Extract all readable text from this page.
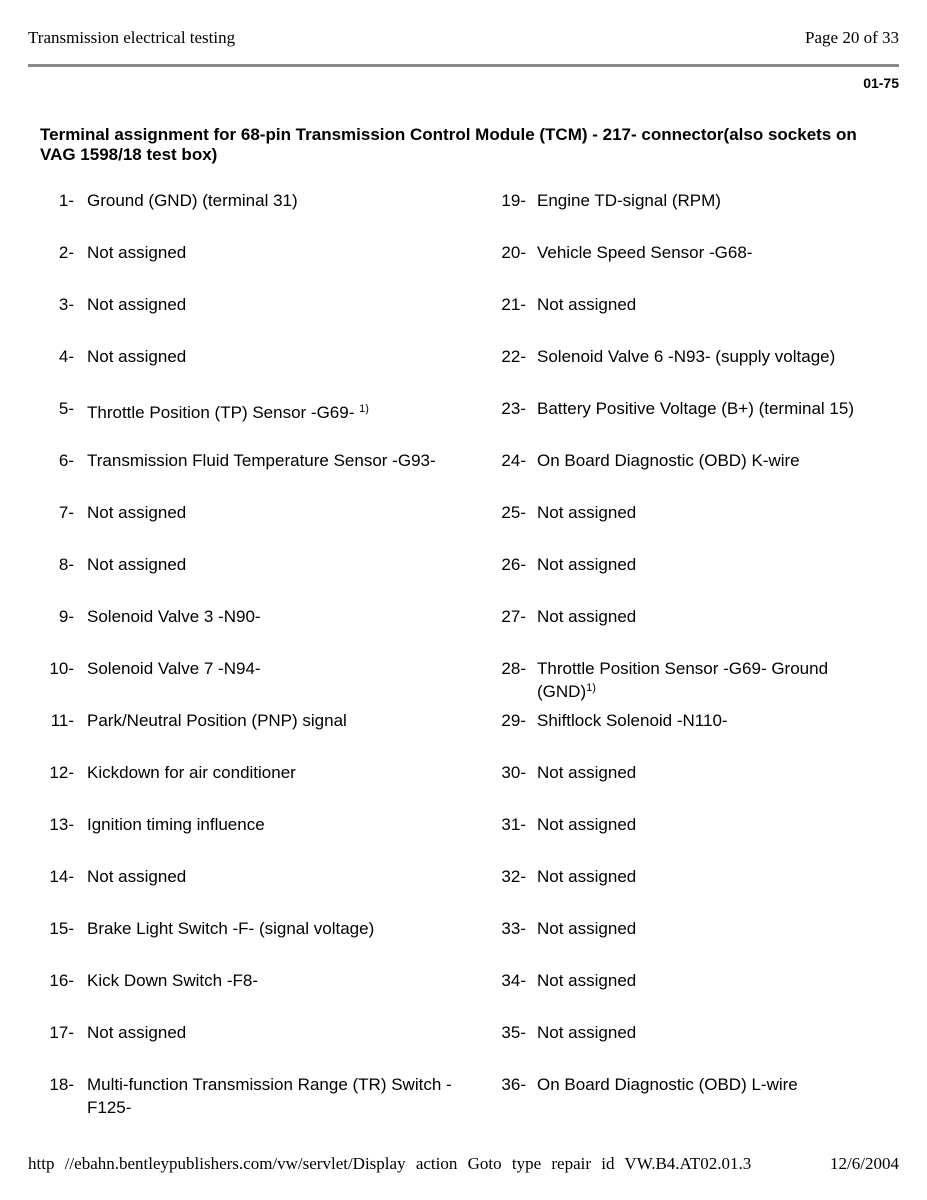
Transmission electrical testing	Page 20 of 33
01-75
Terminal assignment for 68-pin Transmission Control Module (TCM) - 217- connector(also sockets on VAG 1598/18 test box)
1- Ground (GND) (terminal 31)
2- Not assigned
3- Not assigned
4- Not assigned
5- Throttle Position (TP) Sensor -G69- $^{1)}$
6- Transmission Fluid Temperature Sensor -G93-
7- Not assigned
8- Not assigned
9- Solenoid Valve 3 -N90-
10- Solenoid Valve 7 -N94-
11- Park/Neutral Position (PNP) signal
12- Kickdown for air conditioner
13- Ignition timing influence
14- Not assigned
15- Brake Light Switch -F- (signal voltage)
16- Kick Down Switch -F8-
17- Not assigned
18- Multi-function Transmission Range (TR) Switch -
F125-
19- Engine TD-signal (RPM)
20- Vehicle Speed Sensor -G68-
21- Not assigned
22- Solenoid Valve 6 -N93- (supply voltage)
23- Battery Positive Voltage (B+) (terminal 15)
24- On Board Diagnostic (OBD) K-wire
25- Not assigned
26- Not assigned
27- Not assigned
28- Throttle Position Sensor -G69- Ground
(GND)$^{1)}$
29- Shiftlock Solenoid -N110-
30- Not assigned
31- Not assigned
32- Not assigned
33- Not assigned
34- Not assigned
35- Not assigned
36- On Board Diagnostic (OBD) L-wire
http //ebahn.bentleypublishers.com/vw/servlet/Display action Goto type repair id VW.B4.AT02.01.3	12/6/2004
